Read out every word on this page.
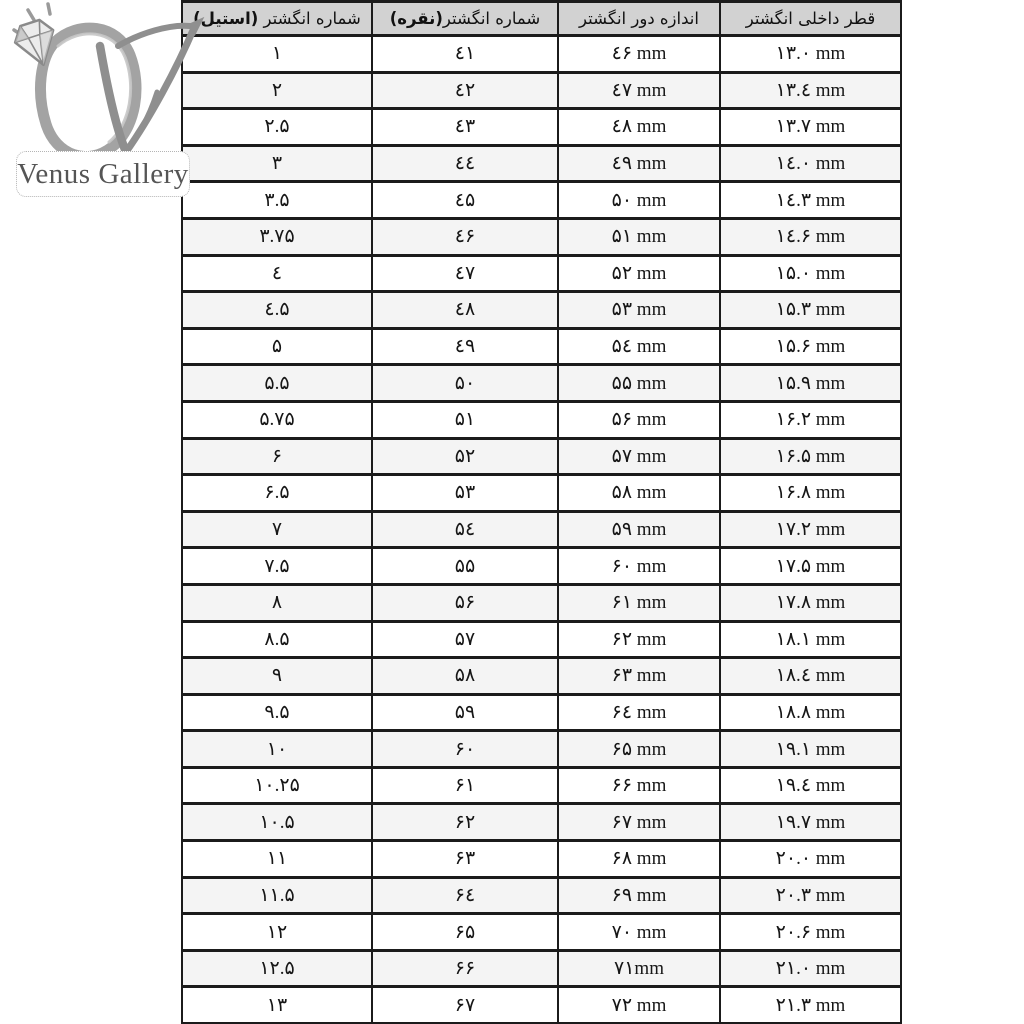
Venus Gallery
شماره انگشتر (استیل)	شماره انگشتر(نقره)	اندازه دور انگشتر	قطر داخلی انگشتر
۱	٤۱	٤۶ mm	۱۳.۰ mm
۲	٤۲	٤۷ mm	۱۳.٤ mm
۲.۵	٤۳	٤۸ mm	۱۳.۷ mm
۳	٤٤	٤۹ mm	۱٤.۰ mm
۳.۵	٤۵	۵۰ mm	۱٤.۳ mm
۳.۷۵	٤۶	۵۱ mm	۱٤.۶ mm
٤	٤۷	۵۲ mm	۱۵.۰ mm
٤.۵	٤۸	۵۳ mm	۱۵.۳ mm
۵	٤۹	۵٤ mm	۱۵.۶ mm
۵.۵	۵۰	۵۵ mm	۱۵.۹ mm
۵.۷۵	۵۱	۵۶ mm	۱۶.۲ mm
۶	۵۲	۵۷ mm	۱۶.۵ mm
۶.۵	۵۳	۵۸ mm	۱۶.۸ mm
۷	۵٤	۵۹ mm	۱۷.۲ mm
۷.۵	۵۵	۶۰ mm	۱۷.۵ mm
۸	۵۶	۶۱ mm	۱۷.۸ mm
۸.۵	۵۷	۶۲ mm	۱۸.۱ mm
۹	۵۸	۶۳ mm	۱۸.٤ mm
۹.۵	۵۹	۶٤ mm	۱۸.۸ mm
۱۰	۶۰	۶۵ mm	۱۹.۱ mm
۱۰.۲۵	۶۱	۶۶ mm	۱۹.٤ mm
۱۰.۵	۶۲	۶۷ mm	۱۹.۷ mm
۱۱	۶۳	۶۸ mm	۲۰.۰ mm
۱۱.۵	۶٤	۶۹ mm	۲۰.۳ mm
۱۲	۶۵	۷۰ mm	۲۰.۶ mm
۱۲.۵	۶۶	۷۱mm	۲۱.۰ mm
۱۳	۶۷	۷۲ mm	۲۱.۳ mm
